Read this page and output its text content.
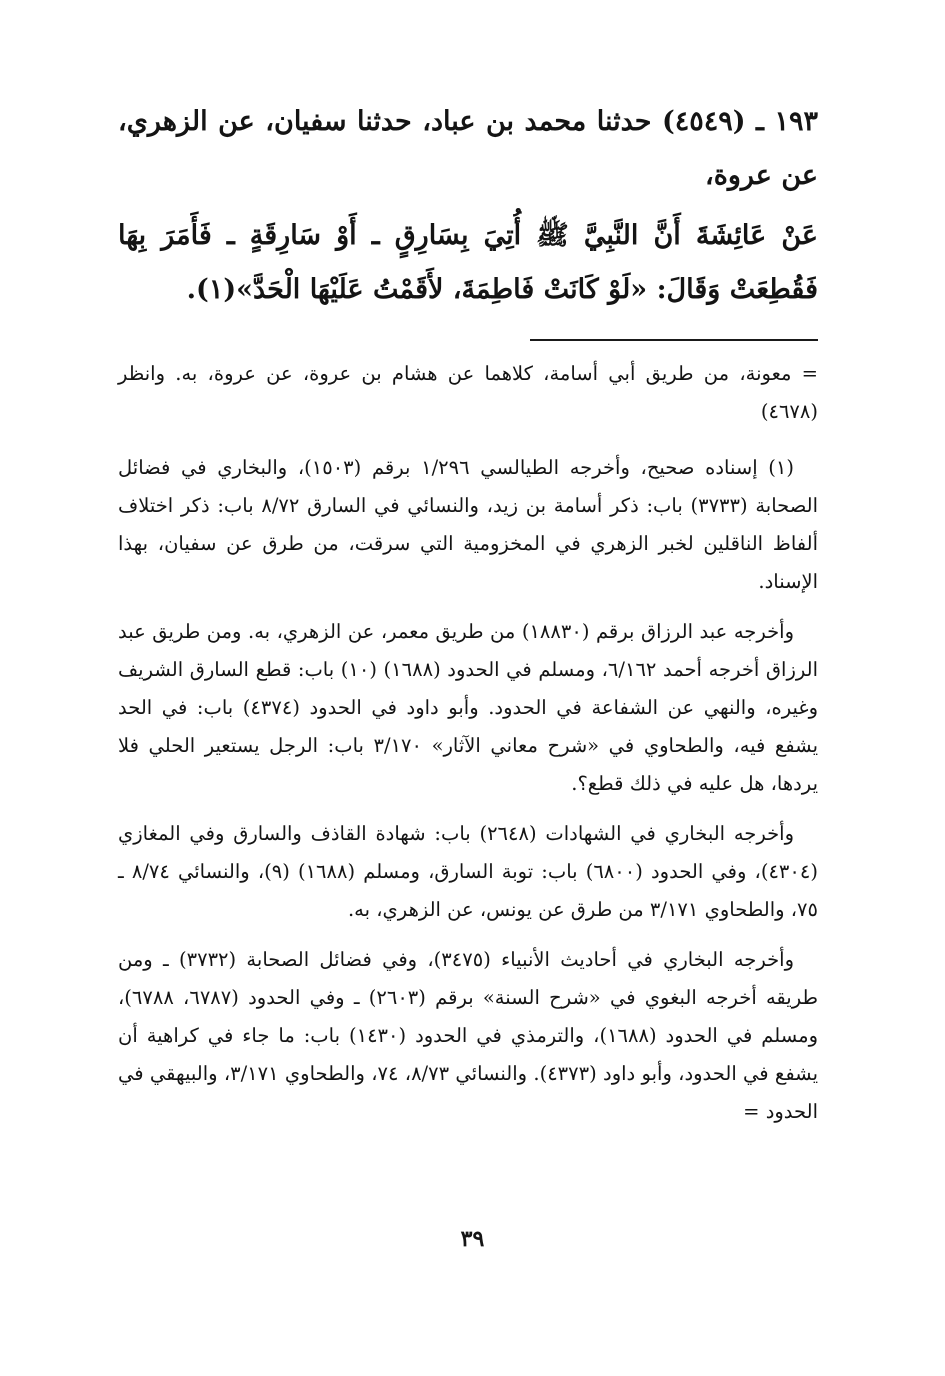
١٩٣ ـ (٤٥٤٩) حدثنا محمد بن عباد، حدثنا سفيان، عن الزهري، عن عروة،

عَنْ عَائِشَةَ أَنَّ النَّبِيَّ ﷺ أُتِيَ بِسَارِقٍ ـ أَوْ سَارِقَةٍ ـ فَأَمَرَ بِهَا فَقُطِعَتْ وَقَالَ: «لَوْ كَانَتْ فَاطِمَةَ، لأَقَمْتُ عَلَيْهَا الْحَدَّ»(١).

= معونة، من طريق أبي أسامة، كلاهما عن هشام بن عروة، عن عروة، به. وانظر (٤٦٧٨)

(١) إسناده صحيح، وأخرجه الطيالسي ١/٢٩٦ برقم (١٥٠٣)، والبخاري في فضائل الصحابة (٣٧٣٣) باب: ذكر أسامة بن زيد، والنسائي في السارق ٨/٧٢ باب: ذكر اختلاف ألفاظ الناقلين لخبر الزهري في المخزومية التي سرقت، من طرق عن سفيان، بهذا الإسناد.

وأخرجه عبد الرزاق برقم (١٨٨٣٠) من طريق معمر، عن الزهري، به. ومن طريق عبد الرزاق أخرجه أحمد ٦/١٦٢، ومسلم في الحدود (١٦٨٨) (١٠) باب: قطع السارق الشريف وغيره، والنهي عن الشفاعة في الحدود. وأبو داود في الحدود (٤٣٧٤) باب: في الحد يشفع فيه، والطحاوي في «شرح معاني الآثار» ٣/١٧٠ باب: الرجل يستعير الحلي فلا يردها، هل عليه في ذلك قطع؟.

وأخرجه البخاري في الشهادات (٢٦٤٨) باب: شهادة القاذف والسارق وفي المغازي (٤٣٠٤)، وفي الحدود (٦٨٠٠) باب: توبة السارق، ومسلم (١٦٨٨) (٩)، والنسائي ٨/٧٤ ـ ٧٥، والطحاوي ٣/١٧١ من طرق عن يونس، عن الزهري، به.

وأخرجه البخاري في أحاديث الأنبياء (٣٤٧٥)، وفي فضائل الصحابة (٣٧٣٢) ـ ومن طريقه أخرجه البغوي في «شرح السنة» برقم (٢٦٠٣) ـ وفي الحدود (٦٧٨٧، ٦٧٨٨)، ومسلم في الحدود (١٦٨٨)، والترمذي في الحدود (١٤٣٠) باب: ما جاء في كراهية أن يشفع في الحدود، وأبو داود (٤٣٧٣). والنسائي ٨/٧٣، ٧٤، والطحاوي ٣/١٧١، والبيهقي في الحدود =

٣٩
